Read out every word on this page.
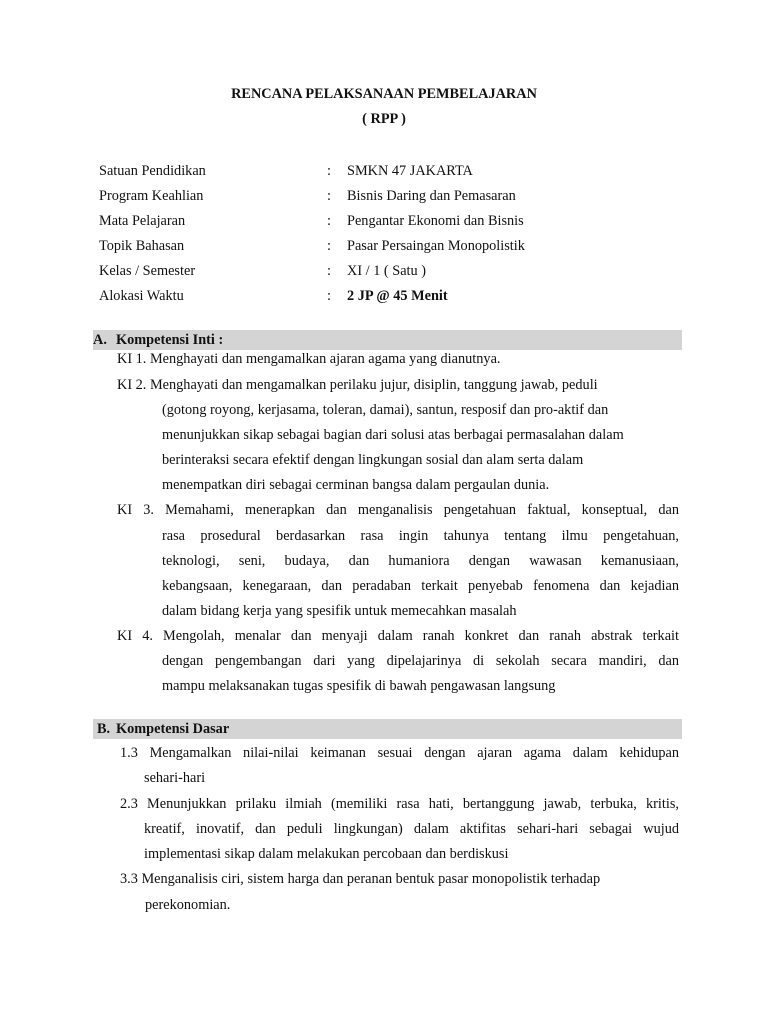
RENCANA PELAKSANAAN PEMBELAJARAN
( RPP )
Satuan Pendidikan	: SMKN 47 JAKARTA
Program Keahlian	: Bisnis Daring dan Pemasaran
Mata Pelajaran	: Pengantar Ekonomi dan Bisnis
Topik Bahasan	: Pasar Persaingan Monopolistik
Kelas / Semester	: XI / 1 ( Satu )
Alokasi Waktu	: 2 JP @ 45 Menit
A. Kompetensi Inti :
KI 1. Menghayati dan mengamalkan ajaran agama yang dianutnya.
KI 2. Menghayati dan mengamalkan perilaku jujur, disiplin, tanggung jawab, peduli
(gotong royong, kerjasama, toleran, damai), santun, resposif dan pro-aktif dan
menunjukkan sikap sebagai bagian dari solusi atas berbagai permasalahan dalam
berinteraksi secara efektif dengan lingkungan sosial dan alam serta dalam
menempatkan diri sebagai cerminan bangsa dalam pergaulan dunia.
KI 3. Memahami, menerapkan dan menganalisis pengetahuan faktual, konseptual, dan
rasa prosedural berdasarkan rasa ingin tahunya tentang ilmu pengetahuan,
teknologi, seni, budaya, dan humaniora dengan wawasan kemanusiaan,
kebangsaan, kenegaraan, dan peradaban terkait penyebab fenomena dan kejadian
dalam bidang kerja yang spesifik untuk memecahkan masalah
KI 4. Mengolah, menalar dan menyaji dalam ranah konkret dan ranah abstrak terkait
dengan pengembangan dari yang dipelajarinya di sekolah secara mandiri, dan
mampu melaksanakan tugas spesifik di bawah pengawasan langsung
B. Kompetensi Dasar
1.3 Mengamalkan nilai-nilai keimanan sesuai dengan ajaran agama dalam kehidupan
sehari-hari
2.3 Menunjukkan prilaku ilmiah (memiliki rasa hati, bertanggung jawab, terbuka, kritis,
kreatif, inovatif, dan peduli lingkungan) dalam aktifitas sehari-hari sebagai wujud
implementasi sikap dalam melakukan percobaan dan berdiskusi
3.3 Menganalisis ciri, sistem harga dan peranan bentuk pasar monopolistik terhadap
perekonomian.
